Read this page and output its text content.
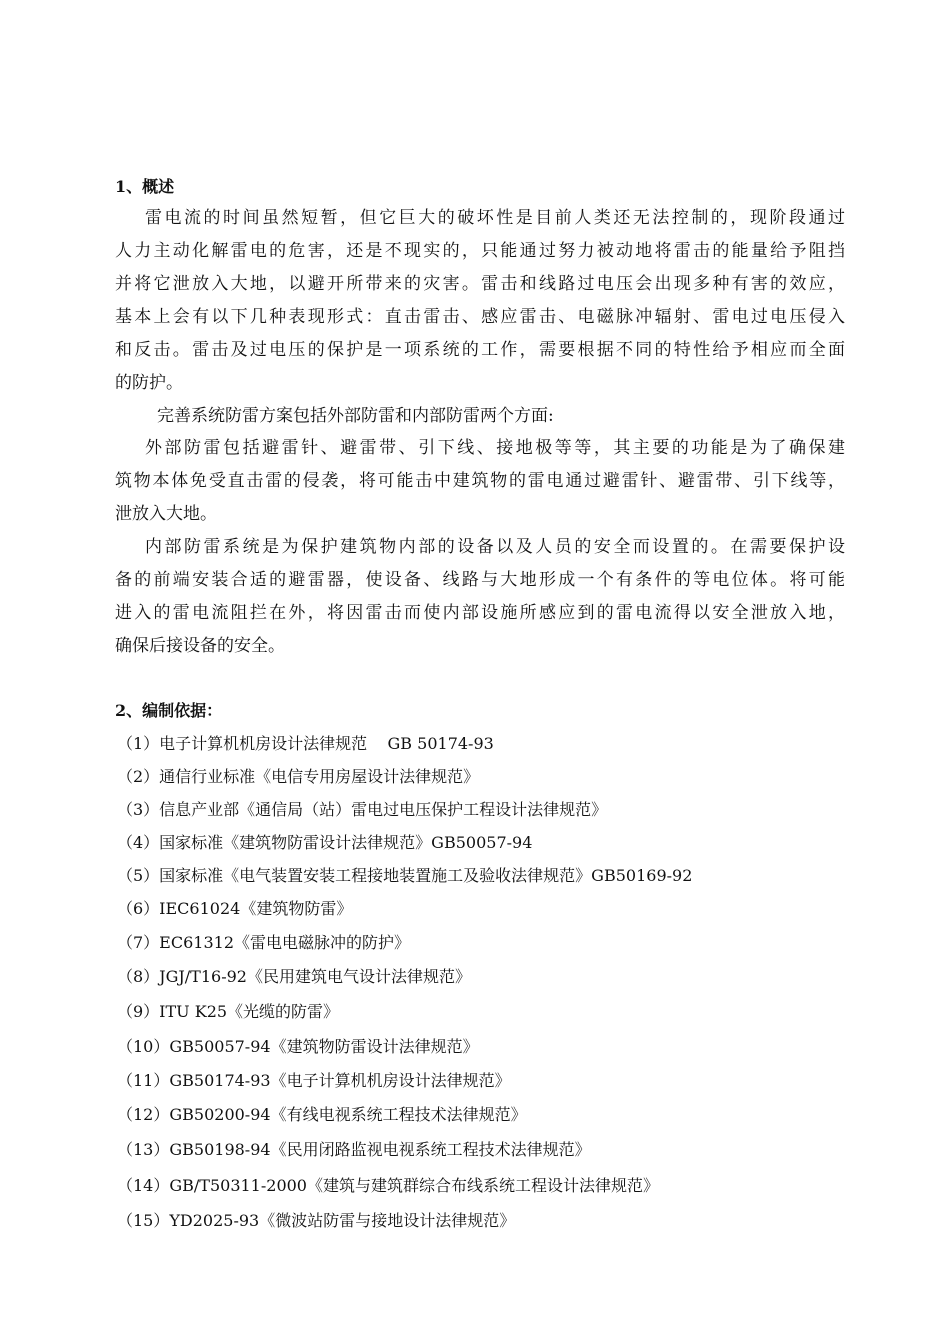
1、概述
雷电流的时间虽然短暂，但它巨大的破坏性是目前人类还无法控制的，现阶段通过
人力主动化解雷电的危害，还是不现实的，只能通过努力被动地将雷击的能量给予阻挡
并将它泄放入大地，以避开所带来的灾害。雷击和线路过电压会出现多种有害的效应，
基本上会有以下几种表现形式：直击雷击、感应雷击、电磁脉冲辐射、雷电过电压侵入
和反击。雷击及过电压的保护是一项系统的工作，需要根据不同的特性给予相应而全面
的防护。
完善系统防雷方案包括外部防雷和内部防雷两个方面:
外部防雷包括避雷针、避雷带、引下线、接地极等等，其主要的功能是为了确保建
筑物本体免受直击雷的侵袭，将可能击中建筑物的雷电通过避雷针、避雷带、引下线等，
泄放入大地。
内部防雷系统是为保护建筑物内部的设备以及人员的安全而设置的。在需要保护设
备的前端安装合适的避雷器，使设备、线路与大地形成一个有条件的等电位体。将可能
进入的雷电流阻拦在外，将因雷击而使内部设施所感应到的雷电流得以安全泄放入地，
确保后接设备的安全。
2、编制依据：
（1）电子计算机机房设计法律规范    GB 50174-93
（2）通信行业标准《电信专用房屋设计法律规范》
（3）信息产业部《通信局（站）雷电过电压保护工程设计法律规范》
（4）国家标准《建筑物防雷设计法律规范》GB50057-94
（5）国家标准《电气装置安装工程接地装置施工及验收法律规范》GB50169-92
（6）IEC61024《建筑物防雷》
（7）EC61312《雷电电磁脉冲的防护》
（8）JGJ/T16-92《民用建筑电气设计法律规范》
（9）ITU K25《光缆的防雷》
（10）GB50057-94《建筑物防雷设计法律规范》
（11）GB50174-93《电子计算机机房设计法律规范》
（12）GB50200-94《有线电视系统工程技术法律规范》
（13）GB50198-94《民用闭路监视电视系统工程技术法律规范》
（14）GB/T50311-2000《建筑与建筑群综合布线系统工程设计法律规范》
（15）YD2025-93《微波站防雷与接地设计法律规范》
